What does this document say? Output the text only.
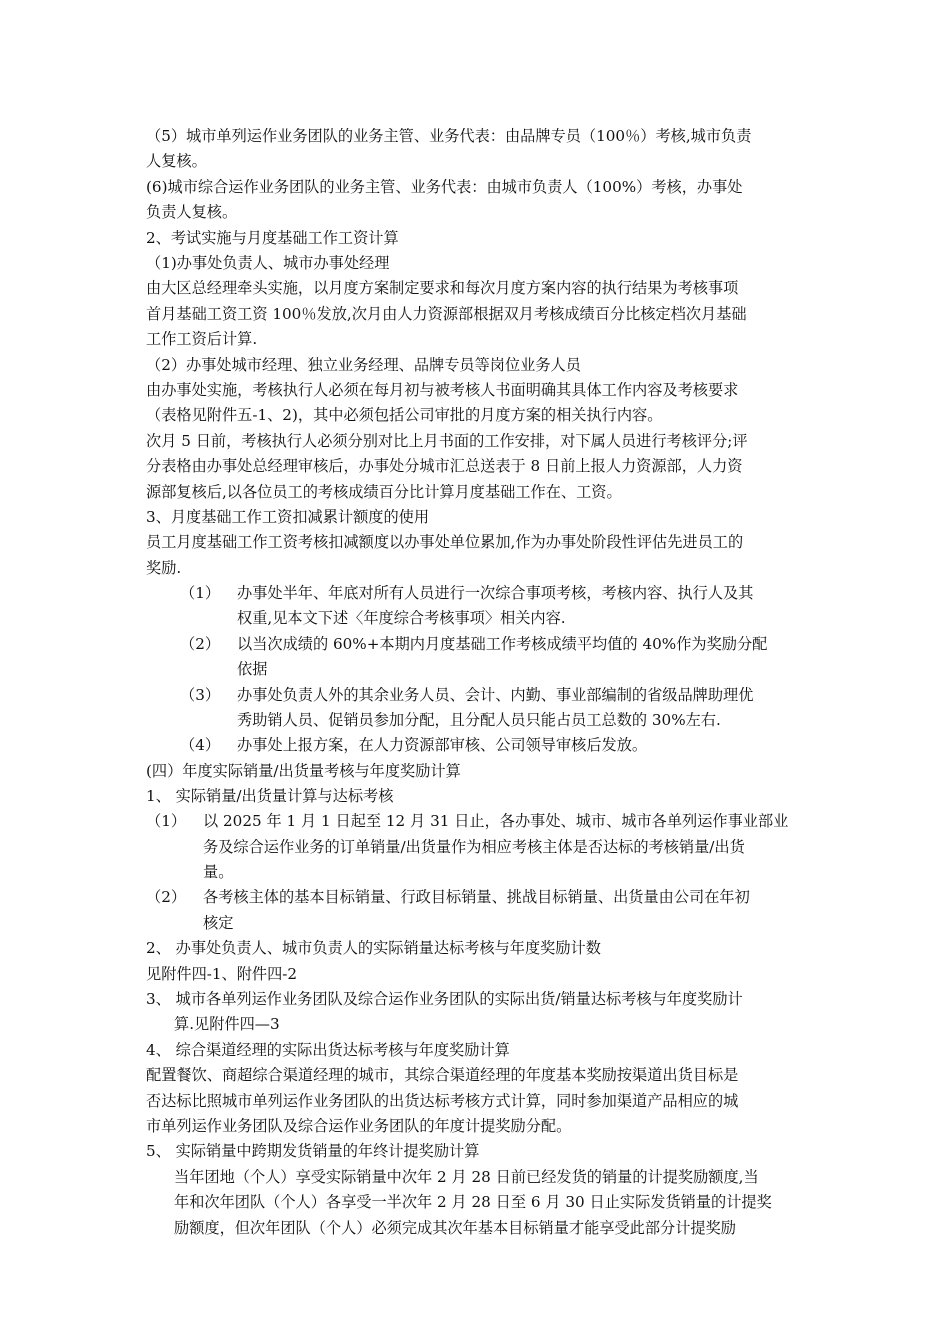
（5）城市单列运作业务团队的业务主管、业务代表：由品牌专员（100％）考核,城市负责
人复核。
(6)城市综合运作业务团队的业务主管、业务代表：由城市负责人（100%）考核，办事处
负责人复核。
2、考试实施与月度基础工作工资计算
（1)办事处负责人、城市办事处经理
由大区总经理牵头实施，以月度方案制定要求和每次月度方案内容的执行结果为考核事项
首月基础工资工资 100％发放,次月由人力资源部根据双月考核成绩百分比核定档次月基础
工作工资后计算.
（2）办事处城市经理、独立业务经理、品牌专员等岗位业务人员
由办事处实施，考核执行人必须在每月初与被考核人书面明确其具体工作内容及考核要求
（表格见附件五-1、2)，其中必须包括公司审批的月度方案的相关执行内容。
次月 5 日前，考核执行人必须分别对比上月书面的工作安排，对下属人员进行考核评分;评
分表格由办事处总经理审核后，办事处分城市汇总送表于 8 日前上报人力资源部，人力资
源部复核后,以各位员工的考核成绩百分比计算月度基础工作在、工资。
3、月度基础工作工资扣减累计额度的使用
员工月度基础工作工资考核扣减额度以办事处单位累加,作为办事处阶段性评估先进员工的
奖励.
（1） 办事处半年、年底对所有人员进行一次综合事项考核，考核内容、执行人及其
权重,见本文下述〈年度综合考核事项〉相关内容.
（2） 以当次成绩的 60%+本期内月度基础工作考核成绩平均值的 40%作为奖励分配
依据
（3） 办事处负责人外的其余业务人员、会计、内勤、事业部编制的省级品牌助理优
秀助销人员、促销员参加分配，且分配人员只能占员工总数的 30%左右.
（4） 办事处上报方案，在人力资源部审核、公司领导审核后发放。
(四）年度实际销量/出货量考核与年度奖励计算
1、 实际销量/出货量计算与达标考核
（1） 以 2025 年 1 月 1 日起至 12 月 31 日止，各办事处、城市、城市各单列运作事业部业
务及综合运作业务的订单销量/出货量作为相应考核主体是否达标的考核销量/出货
量。
（2） 各考核主体的基本目标销量、行政目标销量、挑战目标销量、出货量由公司在年初
核定
2、 办事处负责人、城市负责人的实际销量达标考核与年度奖励计数
见附件四-1、附件四-2
3、 城市各单列运作业务团队及综合运作业务团队的实际出货/销量达标考核与年度奖励计
算.见附件四—3
4、 综合渠道经理的实际出货达标考核与年度奖励计算
配置餐饮、商超综合渠道经理的城市，其综合渠道经理的年度基本奖励按渠道出货目标是
否达标比照城市单列运作业务团队的出货达标考核方式计算，同时参加渠道产品相应的城
市单列运作业务团队及综合运作业务团队的年度计提奖励分配。
5、 实际销量中跨期发货销量的年终计提奖励计算
当年团地（个人）享受实际销量中次年 2 月 28 日前已经发货的销量的计提奖励额度,当
年和次年团队（个人）各享受一半次年 2 月 28 日至 6 月 30 日止实际发货销量的计提奖
励额度，但次年团队（个人）必须完成其次年基本目标销量才能享受此部分计提奖励
